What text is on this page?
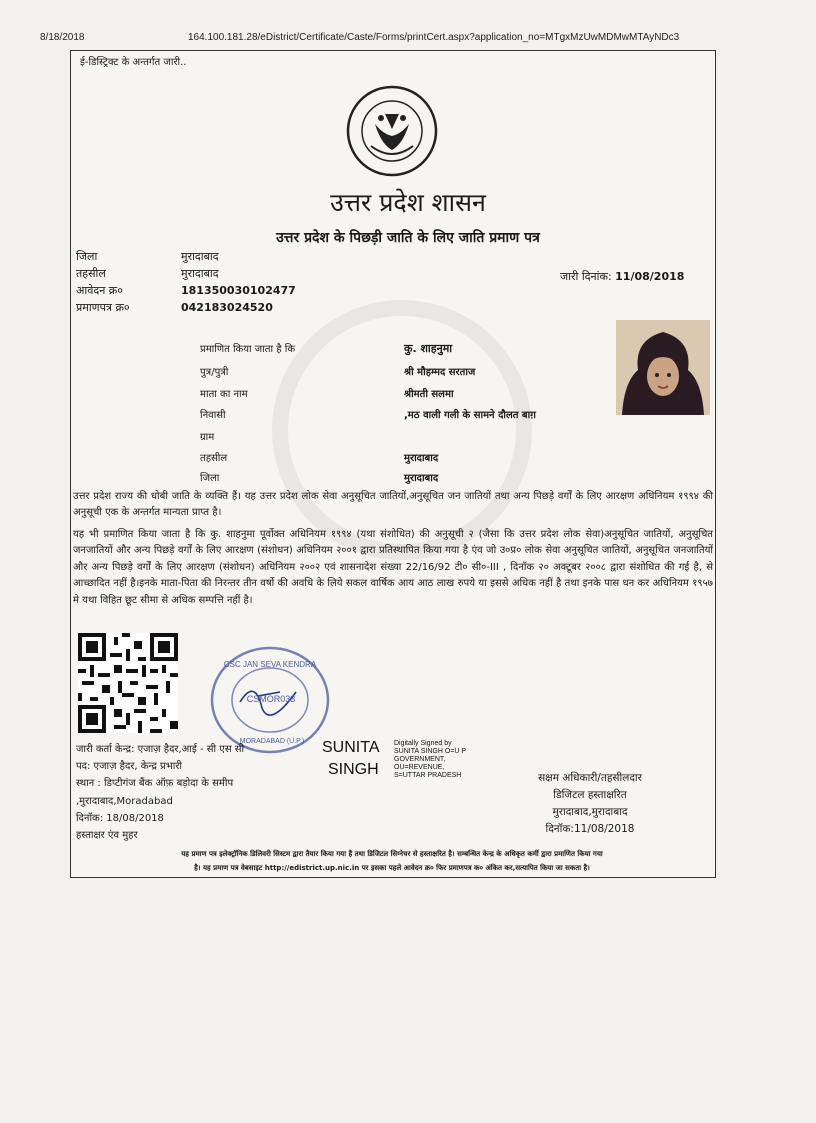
8/18/2018	164.100.181.28/eDistrict/Certificate/Caste/Forms/printCert.aspx?application_no=MTgxMzUwMDMwMTAyNDc3
ई-डिस्ट्रिक्ट के अन्तर्गत जारी..
उत्तर प्रदेश शासन
उत्तर प्रदेश के पिछड़ी जाति के लिए जाति प्रमाण पत्र
जिला	मुरादाबाद
तहसील	मुरादाबाद
आवेदन क्र०	181350030102477
प्रमाणपत्र क्र०	042183024520
जारी दिनांक: 11/08/2018
प्रमाणित किया जाता है कि	कु. शाहनुमा
पुत्र/पुत्री	श्री मौहम्मद सरताज
माता का नाम	श्रीमती सलमा
निवासी	,मठ वाली गली के सामने दौलत बाग़
ग्राम
तहसील	मुरादाबाद
जिला	मुरादाबाद
उत्तर प्रदेश राज्य की धोबी जाति के व्यक्ति हैं। यह उत्तर प्रदेश लोक सेवा अनुसूचित जातियों,अनुसूचित जन जातियों तथा अन्य पिछड़े वर्गों के लिए आरक्षण अधिनियम १९९४ की अनुसूची एक के अन्तर्गत मान्यता प्राप्त है।
यह भी प्रमाणित किया जाता है कि कु. शाहनुमा पूर्वोक्त अधिनियम १९९४ (यथा संशोधित) की अनुसूची २ (जैसा कि उत्तर प्रदेश लोक सेवा)अनुसूचित जातियों, अनुसूचित जनजातियों और अन्य पिछड़े वर्गों के लिए आरक्षण (संशोधन) अधिनियम २००१ द्वारा प्रतिस्थापित किया गया है एंव जो उ०प्र० लोक सेवा अनुसूचित जातियों, अनुसूचित जनजातियों और अन्य पिछड़े वर्गों के लिए आरक्षण (संशोधन) अधिनियम २००२ एवं शासनादेश संख्या 22/16/92 टी० सी०-III , दिनॉक २० अक्टूबर २००८ द्वारा संशोधित की गई है, से आच्छादित नहीं है।इनके माता-पिता की निरन्तर तीन वर्षो की अवधि के लिये सकल वार्षिक आय आठ लाख रुपये या इससे अधिक नहीं है तथा इनके पास धन कर अधिनियम १९५७ मे यथा विहित छूट सीमा से अधिक सम्पत्ति नहीं है।
CSC JAN SEVA KENDRA
CSMOR033
MORADABAD (U.P.)
जारी कर्ता केन्द्र: एजाज़ हैदर,आई - सी एस सी
पद: एजाज़ हैदर, केन्द्र प्रभारी
स्थान : डिप्टीगंज बैंक ऑफ़ बड़ोदा के समीप
,मुरादाबाद,Moradabad
दिनॉक: 18/08/2018
हस्ताक्षर एंव मुहर
SUNITA
SINGH
Digitally Signed by
SUNITA SINGH O=U P
GOVERNMENT,
OU=REVENUE,
S=UTTAR PRADESH	सक्षम अधिकारी/तहसीलदार
डिजिटल हस्ताक्षरित
मुरादाबाद,मुरादाबाद
दिनॉक:11/08/2018
यह प्रमाण पत्र इलेक्ट्रॉनिक डिलिवरी सिस्टम द्वारा तैयार किया गया है तथा डिजिटल सिग्नेचर से हस्ताक्षरित है। सम्बन्धित केन्द्र के अधिकृत कर्मी द्वारा प्रमाणित किया गया
है। यह प्रमाण पत्र वेबसाइट http://edistrict.up.nic.in पर इसका पहले आवेदन क्र० फिर प्रमाणपत्र क० अंकित कर,सत्यापित किया जा सकता है।
